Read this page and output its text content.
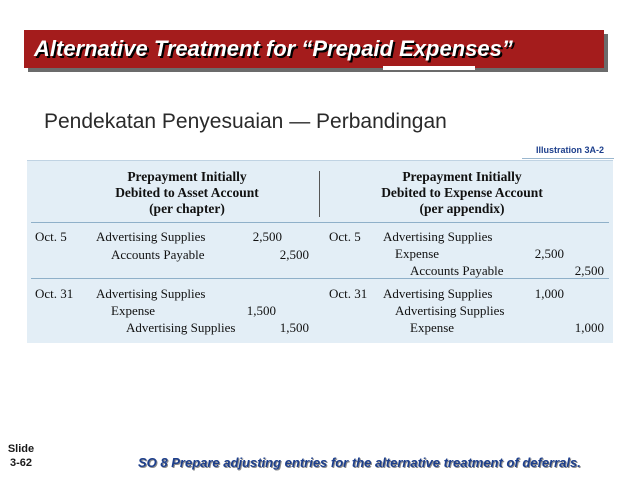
Alternative Treatment for “Prepaid Expenses”
Pendekatan Penyesuaian — Perbandingan
Illustration 3A-2
Prepayment Initially
Debited to Asset Account
(per chapter)
Prepayment Initially
Debited to Expense Account
(per appendix)
Oct. 5 Advertising Supplies	2,500
Accounts Payable	2,500
Oct. 31 Advertising Supplies
Expense	1,500
Advertising Supplies	1,500
Oct. 5 Advertising Supplies
Expense	2,500
Accounts Payable	2,500
Oct. 31 Advertising Supplies	1,000
Advertising Supplies
Expense	1,000
Slide
3-62	SO 8 Prepare adjusting entries for the alternative treatment of deferrals.
